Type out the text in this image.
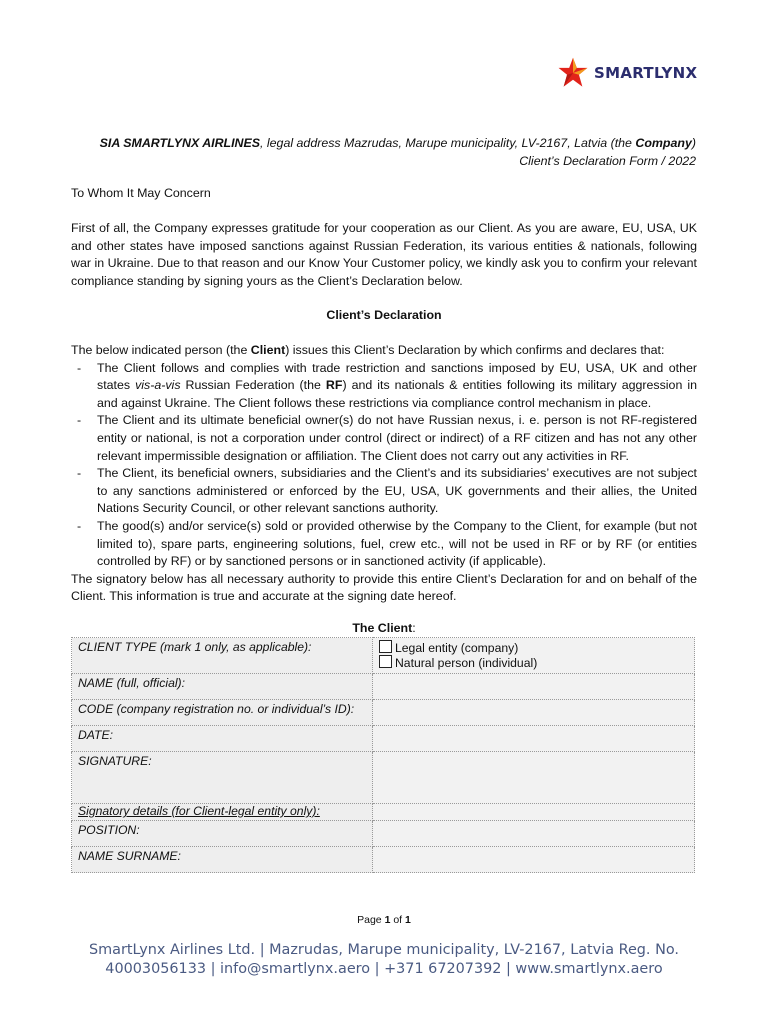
SMARTLYNX
SIA SMARTLYNX AIRLINES, legal address Mazrudas, Marupe municipality, LV-2167, Latvia (the Company)
Client’s Declaration Form / 2022
To Whom It May Concern
First of all, the Company expresses gratitude for your cooperation as our Client. As you are aware, EU, USA, UK and other states have imposed sanctions against Russian Federation, its various entities & nationals, following war in Ukraine. Due to that reason and our Know Your Customer policy, we kindly ask you to confirm your relevant compliance standing by signing yours as the Client’s Declaration below.
Client’s Declaration
The below indicated person (the Client) issues this Client’s Declaration by which confirms and declares that:
- The Client follows and complies with trade restriction and sanctions imposed by EU, USA, UK and other states vis-a-vis Russian Federation (the RF) and its nationals & entities following its military aggression in and against Ukraine. The Client follows these restrictions via compliance control mechanism in place.
- The Client and its ultimate beneficial owner(s) do not have Russian nexus, i. e. person is not RF-registered entity or national, is not a corporation under control (direct or indirect) of a RF citizen and has not any other relevant impermissible designation or affiliation. The Client does not carry out any activities in RF.
- The Client, its beneficial owners, subsidiaries and the Client’s and its subsidiaries’ executives are not subject to any sanctions administered or enforced by the EU, USA, UK governments and their allies, the United Nations Security Council, or other relevant sanctions authority.
- The good(s) and/or service(s) sold or provided otherwise by the Company to the Client, for example (but not limited to), spare parts, engineering solutions, fuel, crew etc., will not be used in RF or by RF (or entities controlled by RF) or by sanctioned persons or in sanctioned activity (if applicable).
The signatory below has all necessary authority to provide this entire Client’s Declaration for and on behalf of the Client. This information is true and accurate at the signing date hereof.
The Client:
CLIENT TYPE (mark 1 only, as applicable):	Legal entity (company)
Natural person (individual)

NAME (full, official):	
CODE (company registration no. or individual’s ID):	
DATE:	
SIGNATURE:	
Signatory details (for Client-legal entity only):	
POSITION:	
NAME SURNAME:	
Page 1 of 1
SmartLynx Airlines Ltd. | Mazrudas, Marupe municipality, LV-2167, Latvia Reg. No.
40003056133 | info@smartlynx.aero | +371 67207392 | www.smartlynx.aero
